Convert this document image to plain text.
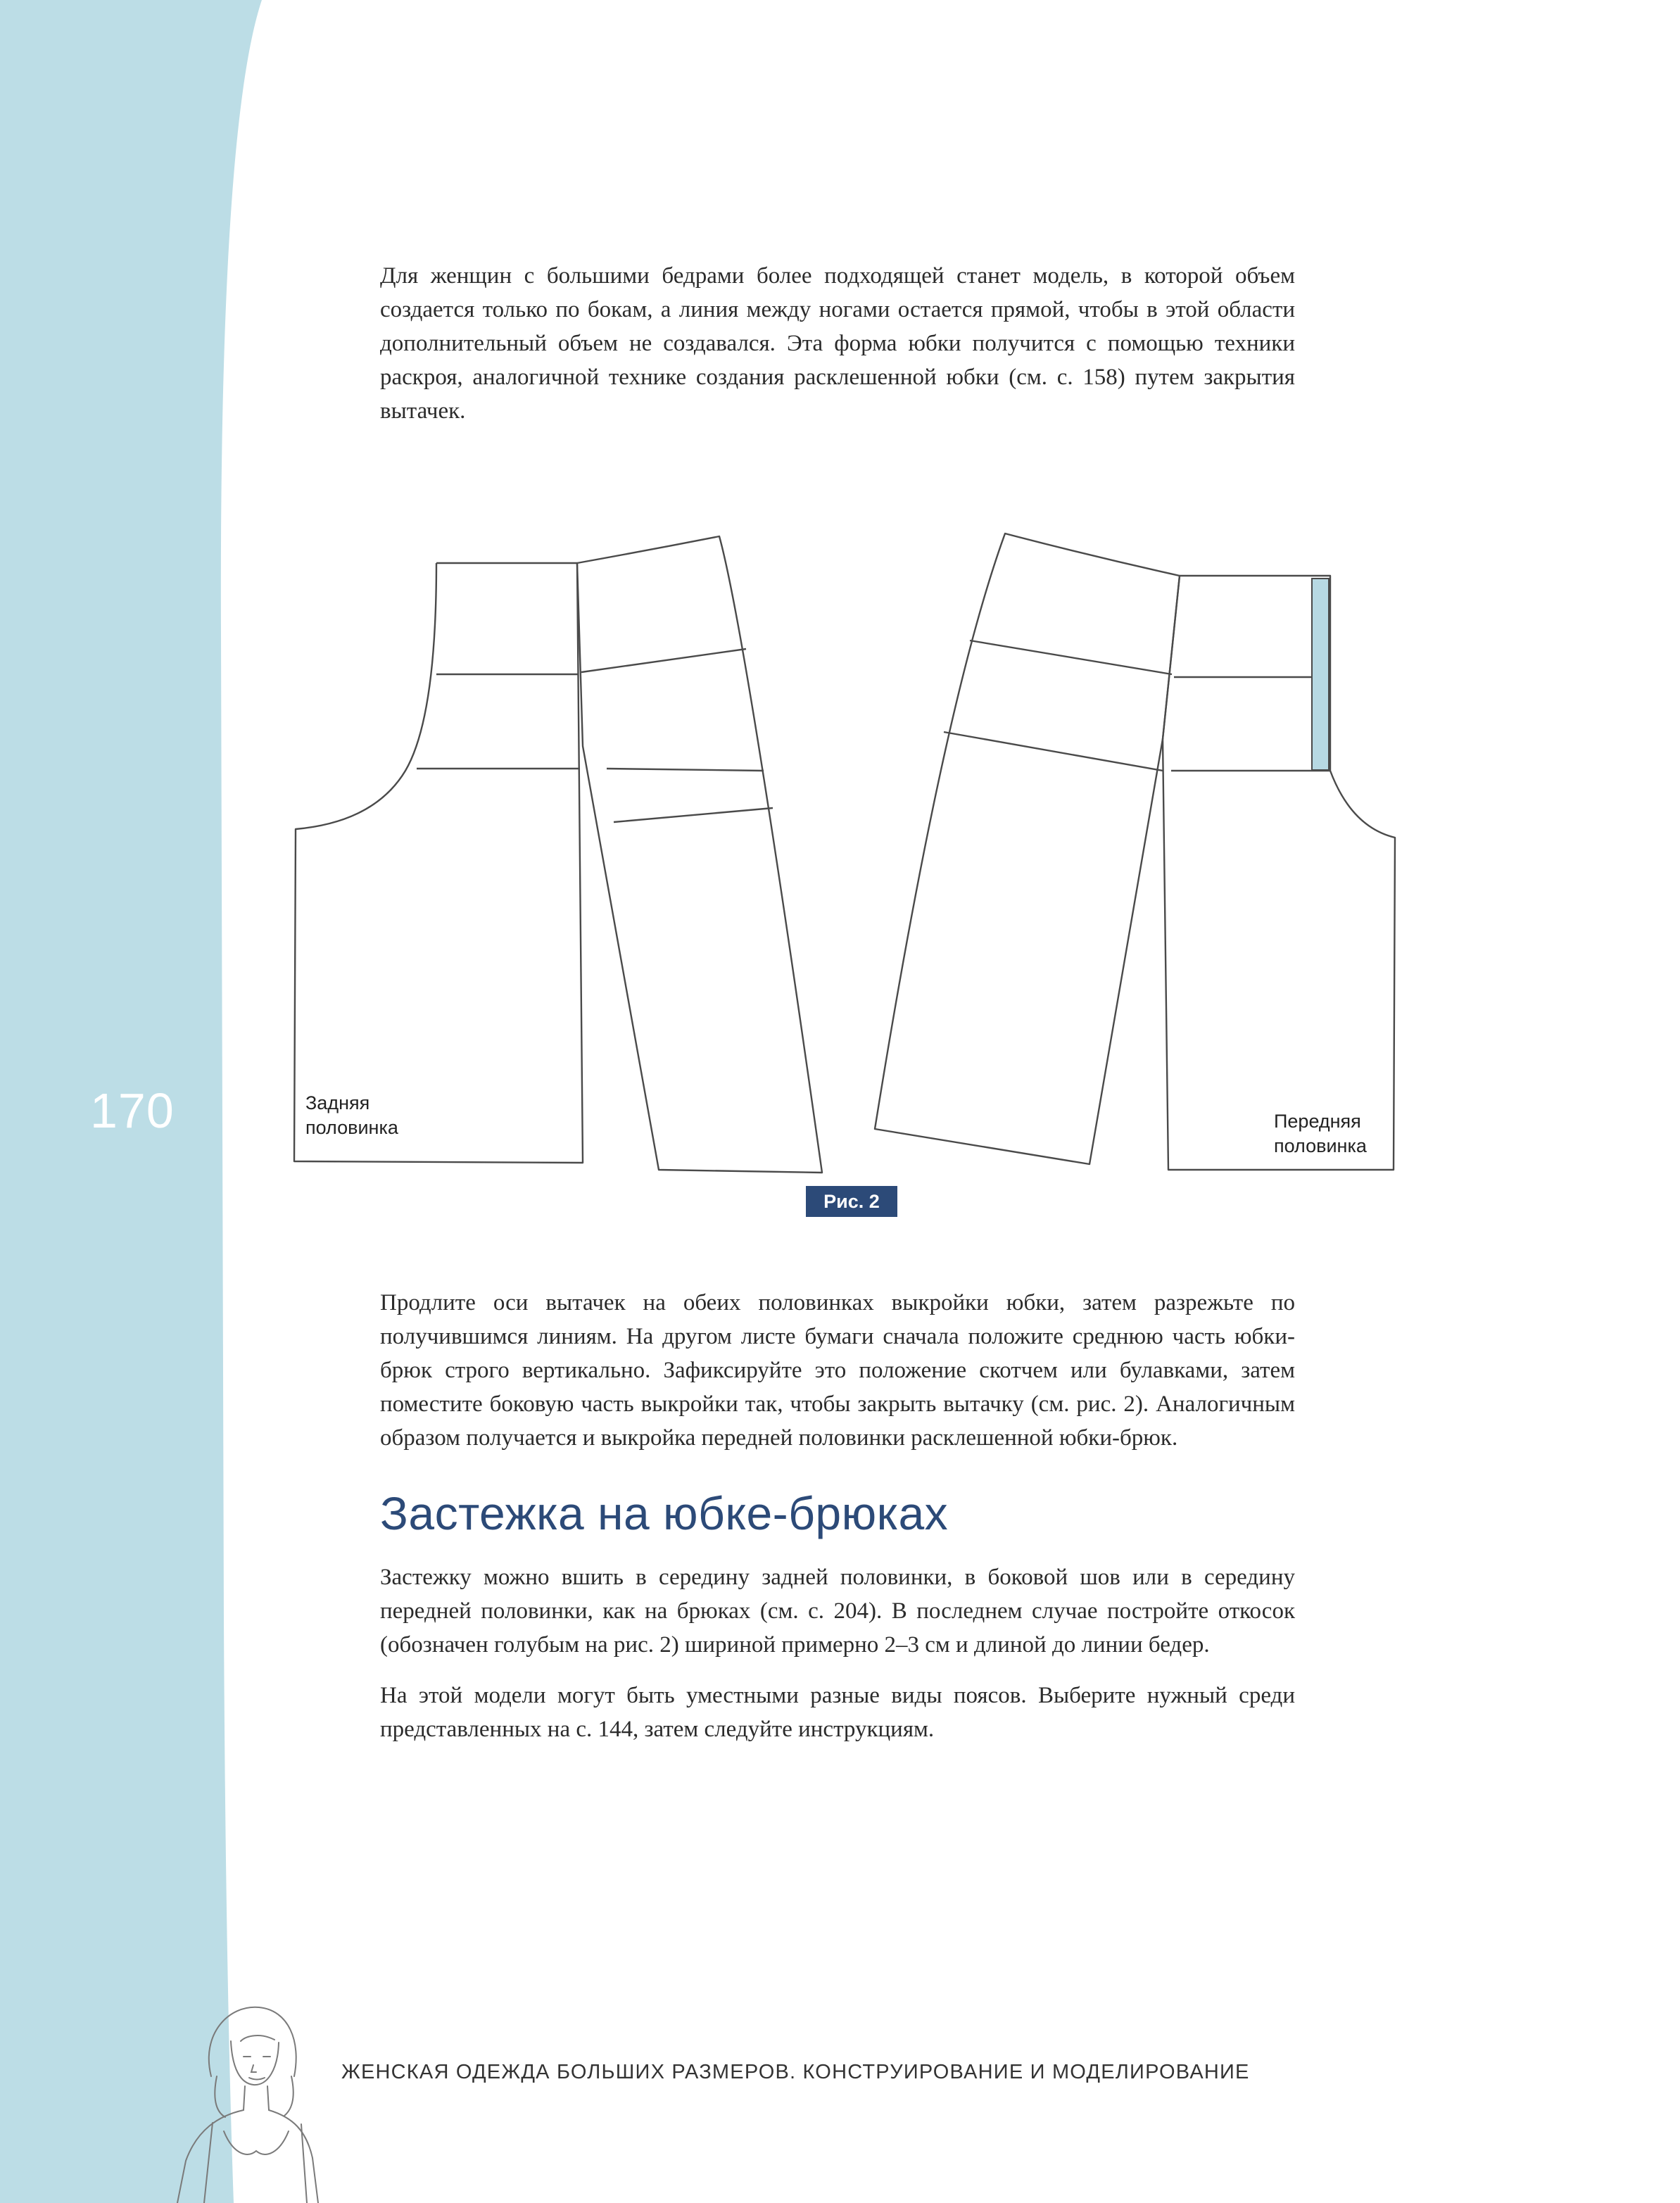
170

Для женщин с большими бедрами более подходящей станет модель, в которой объем создается только по бокам, а линия между ногами остается прямой, чтобы в этой области дополнительный объем не создавался. Эта форма юбки получится с помощью техники раскроя, аналогичной технике создания расклешенной юбки (см. с. 158) путем закрытия вытачек.

Задняя
половинка	Передняя
половинка
Рис. 2

Продлите оси вытачек на обеих половинках выкройки юбки, затем разрежьте по получившимся линиям. На другом листе бумаги сначала положите среднюю часть юбки-брюк строго вертикально. Зафиксируйте это положение скотчем или булавками, затем поместите боковую часть выкройки так, чтобы закрыть вытачку (см. рис. 2). Аналогичным образом получается и выкройка передней половинки расклешенной юбки-брюк.

Застежка на юбке-брюках

Застежку можно вшить в середину задней половинки, в боковой шов или в середину передней половинки, как на брюках (см. с. 204). В последнем случае постройте откосок (обозначен голубым на рис. 2) шириной примерно 2–3 см и длиной до линии бедер.

На этой модели могут быть уместными разные виды поясов. Выберите нужный среди представленных на с. 144, затем следуйте инструкциям.

ЖЕНСКАЯ ОДЕЖДА БОЛЬШИХ РАЗМЕРОВ. КОНСТРУИРОВАНИЕ И МОДЕЛИРОВАНИЕ
